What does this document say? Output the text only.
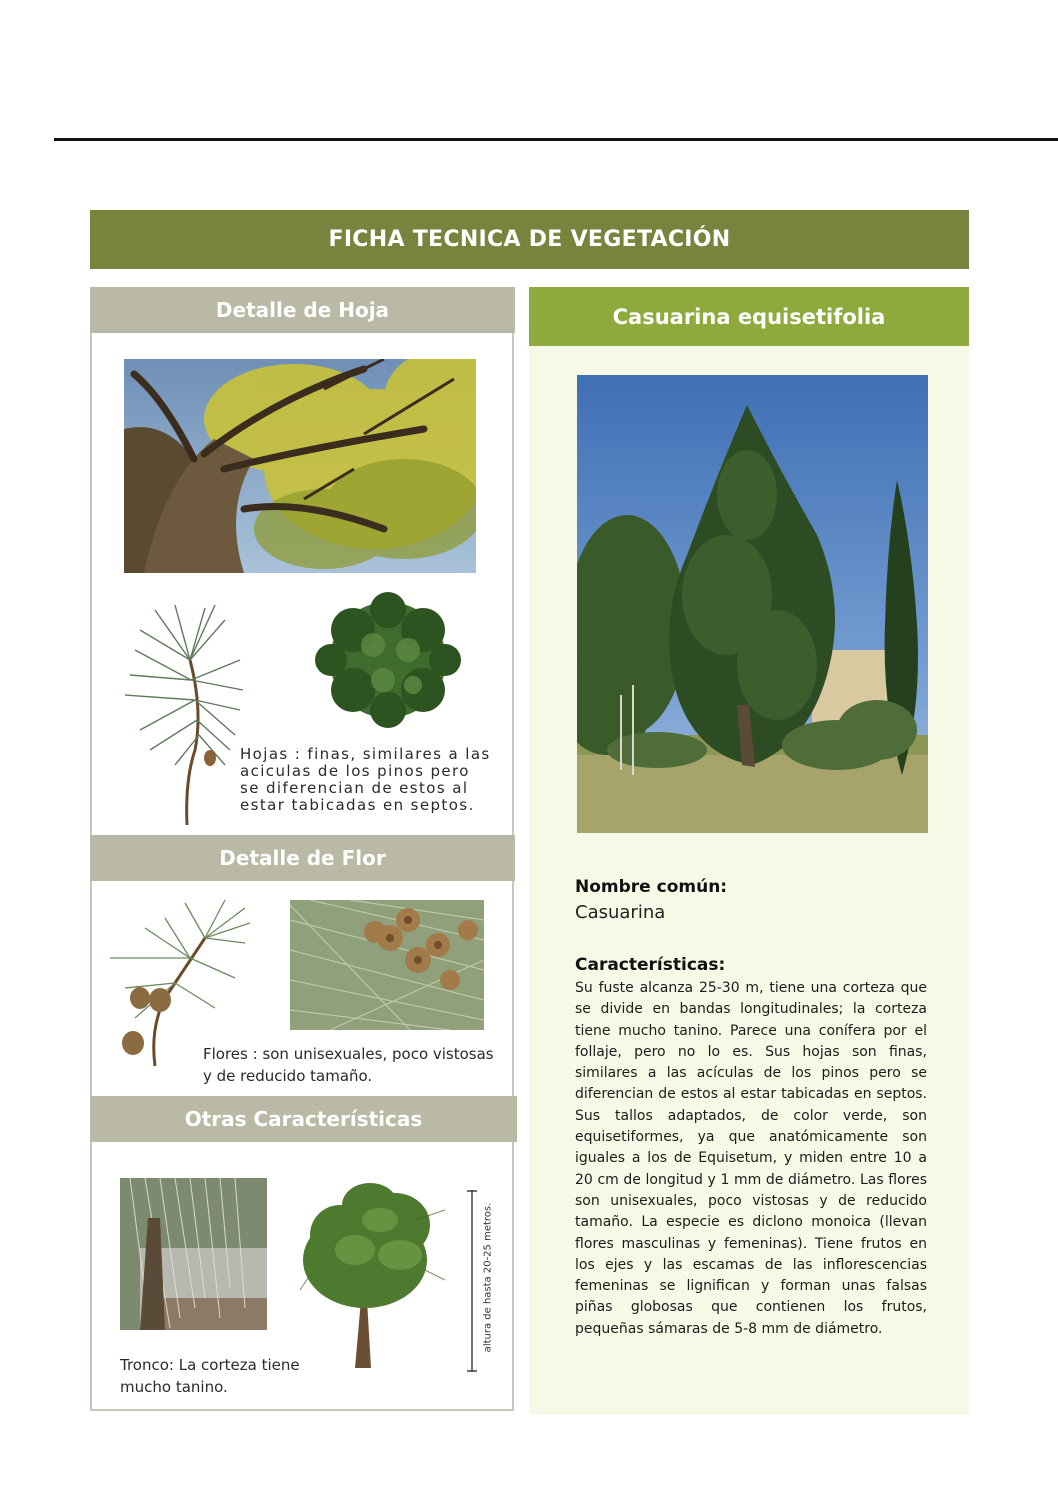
FICHA TECNICA DE VEGETACIÓN
Detalle de Hoja
Hojas : finas, similares a las aciculas de los pinos pero se diferencian de estos al estar tabicadas en septos.
Detalle de Flor
Flores : son unisexuales, poco vistosas y de reducido tamaño.
Otras Características
altura de hasta 20-25 metros.
Tronco: La corteza tiene mucho tanino.
Casuarina equisetifolia
Nombre común:
Casuarina
Características:
Su fuste alcanza 25-30 m, tiene una corteza que se divide en bandas longitudinales; la corteza tiene mucho tanino. Parece una conífera por el follaje, pero no lo es. Sus hojas son finas, similares a las acículas de los pinos pero se diferencian de estos al estar tabicadas en septos. Sus tallos adaptados, de color verde, son equisetiformes, ya que anatómicamente son iguales a los de Equisetum, y miden entre 10 a 20 cm de longitud y 1 mm de diámetro. Las flores son unisexuales, poco vistosas y de reducido tamaño. La especie es diclono monoica (llevan flores masculinas y femeninas). Tiene frutos en los ejes y las escamas de las inflorescencias femeninas se lignifican y forman unas falsas piñas globosas que contienen los frutos, pequeñas sámaras de 5-8 mm de diámetro.
